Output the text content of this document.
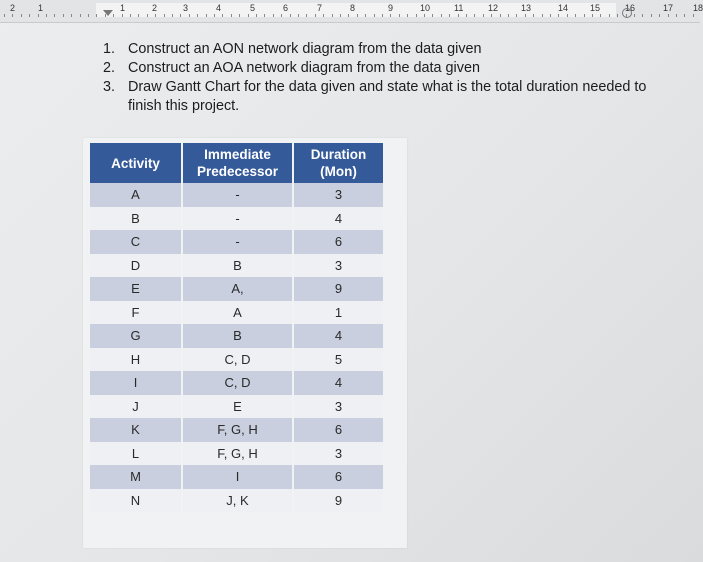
2	1	1	2	3	4	5	6	7	8	9	10	11	12	13	14 15	16	17 18
1. Construct an AON network diagram from the data given
2. Construct an AOA network diagram from the data given
3. Draw Gantt Chart for the data given and state what is the total duration needed to finish this project.
Activity	Immediate Predecessor	Duration (Mon)
A	-	3
B	-	4
C	-	6
D	B	3
E	A,	9
F	A	1
G	B	4
H	C, D	5
I	C, D	4
J	E	3
K	F, G, H	6
L	F, G, H	3
M	I	6
N	J, K	9
